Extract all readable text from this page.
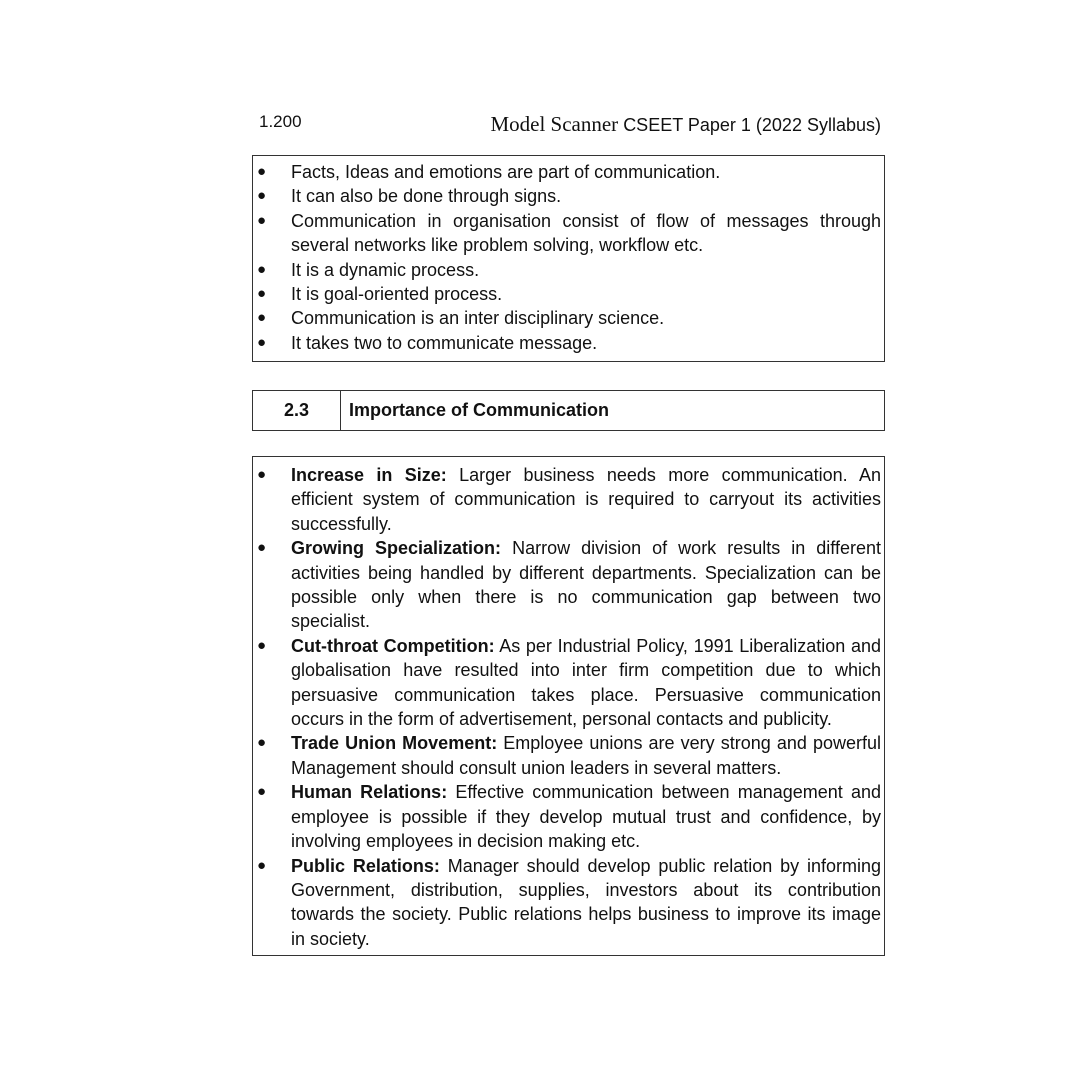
1.200	Model Scanner CSEET Paper 1 (2022 Syllabus)
● Facts, Ideas and emotions are part of communication.
● It can also be done through signs.
● Communication in organisation consist of flow of messages through several networks like problem solving, workflow etc.
● It is a dynamic process.
● It is goal-oriented process.
● Communication is an inter disciplinary science.
● It takes two to communicate message.
2.3	Importance of Communication
● Increase in Size: Larger business needs more communication. An efficient system of communication is required to carryout its activities successfully.
● Growing Specialization: Narrow division of work results in different activities being handled by different departments. Specialization can be possible only when there is no communication gap between two specialist.
● Cut-throat Competition: As per Industrial Policy, 1991 Liberalization and globalisation have resulted into inter firm competition due to which persuasive communication takes place. Persuasive communication occurs in the form of advertisement, personal contacts and publicity.
● Trade Union Movement: Employee unions are very strong and powerful Management should consult union leaders in several matters.
● Human Relations: Effective communication between management and employee is possible if they develop mutual trust and confidence, by involving employees in decision making etc.
● Public Relations: Manager should develop public relation by informing Government, distribution, supplies, investors about its contribution towards the society. Public relations helps business to improve its image in society.
